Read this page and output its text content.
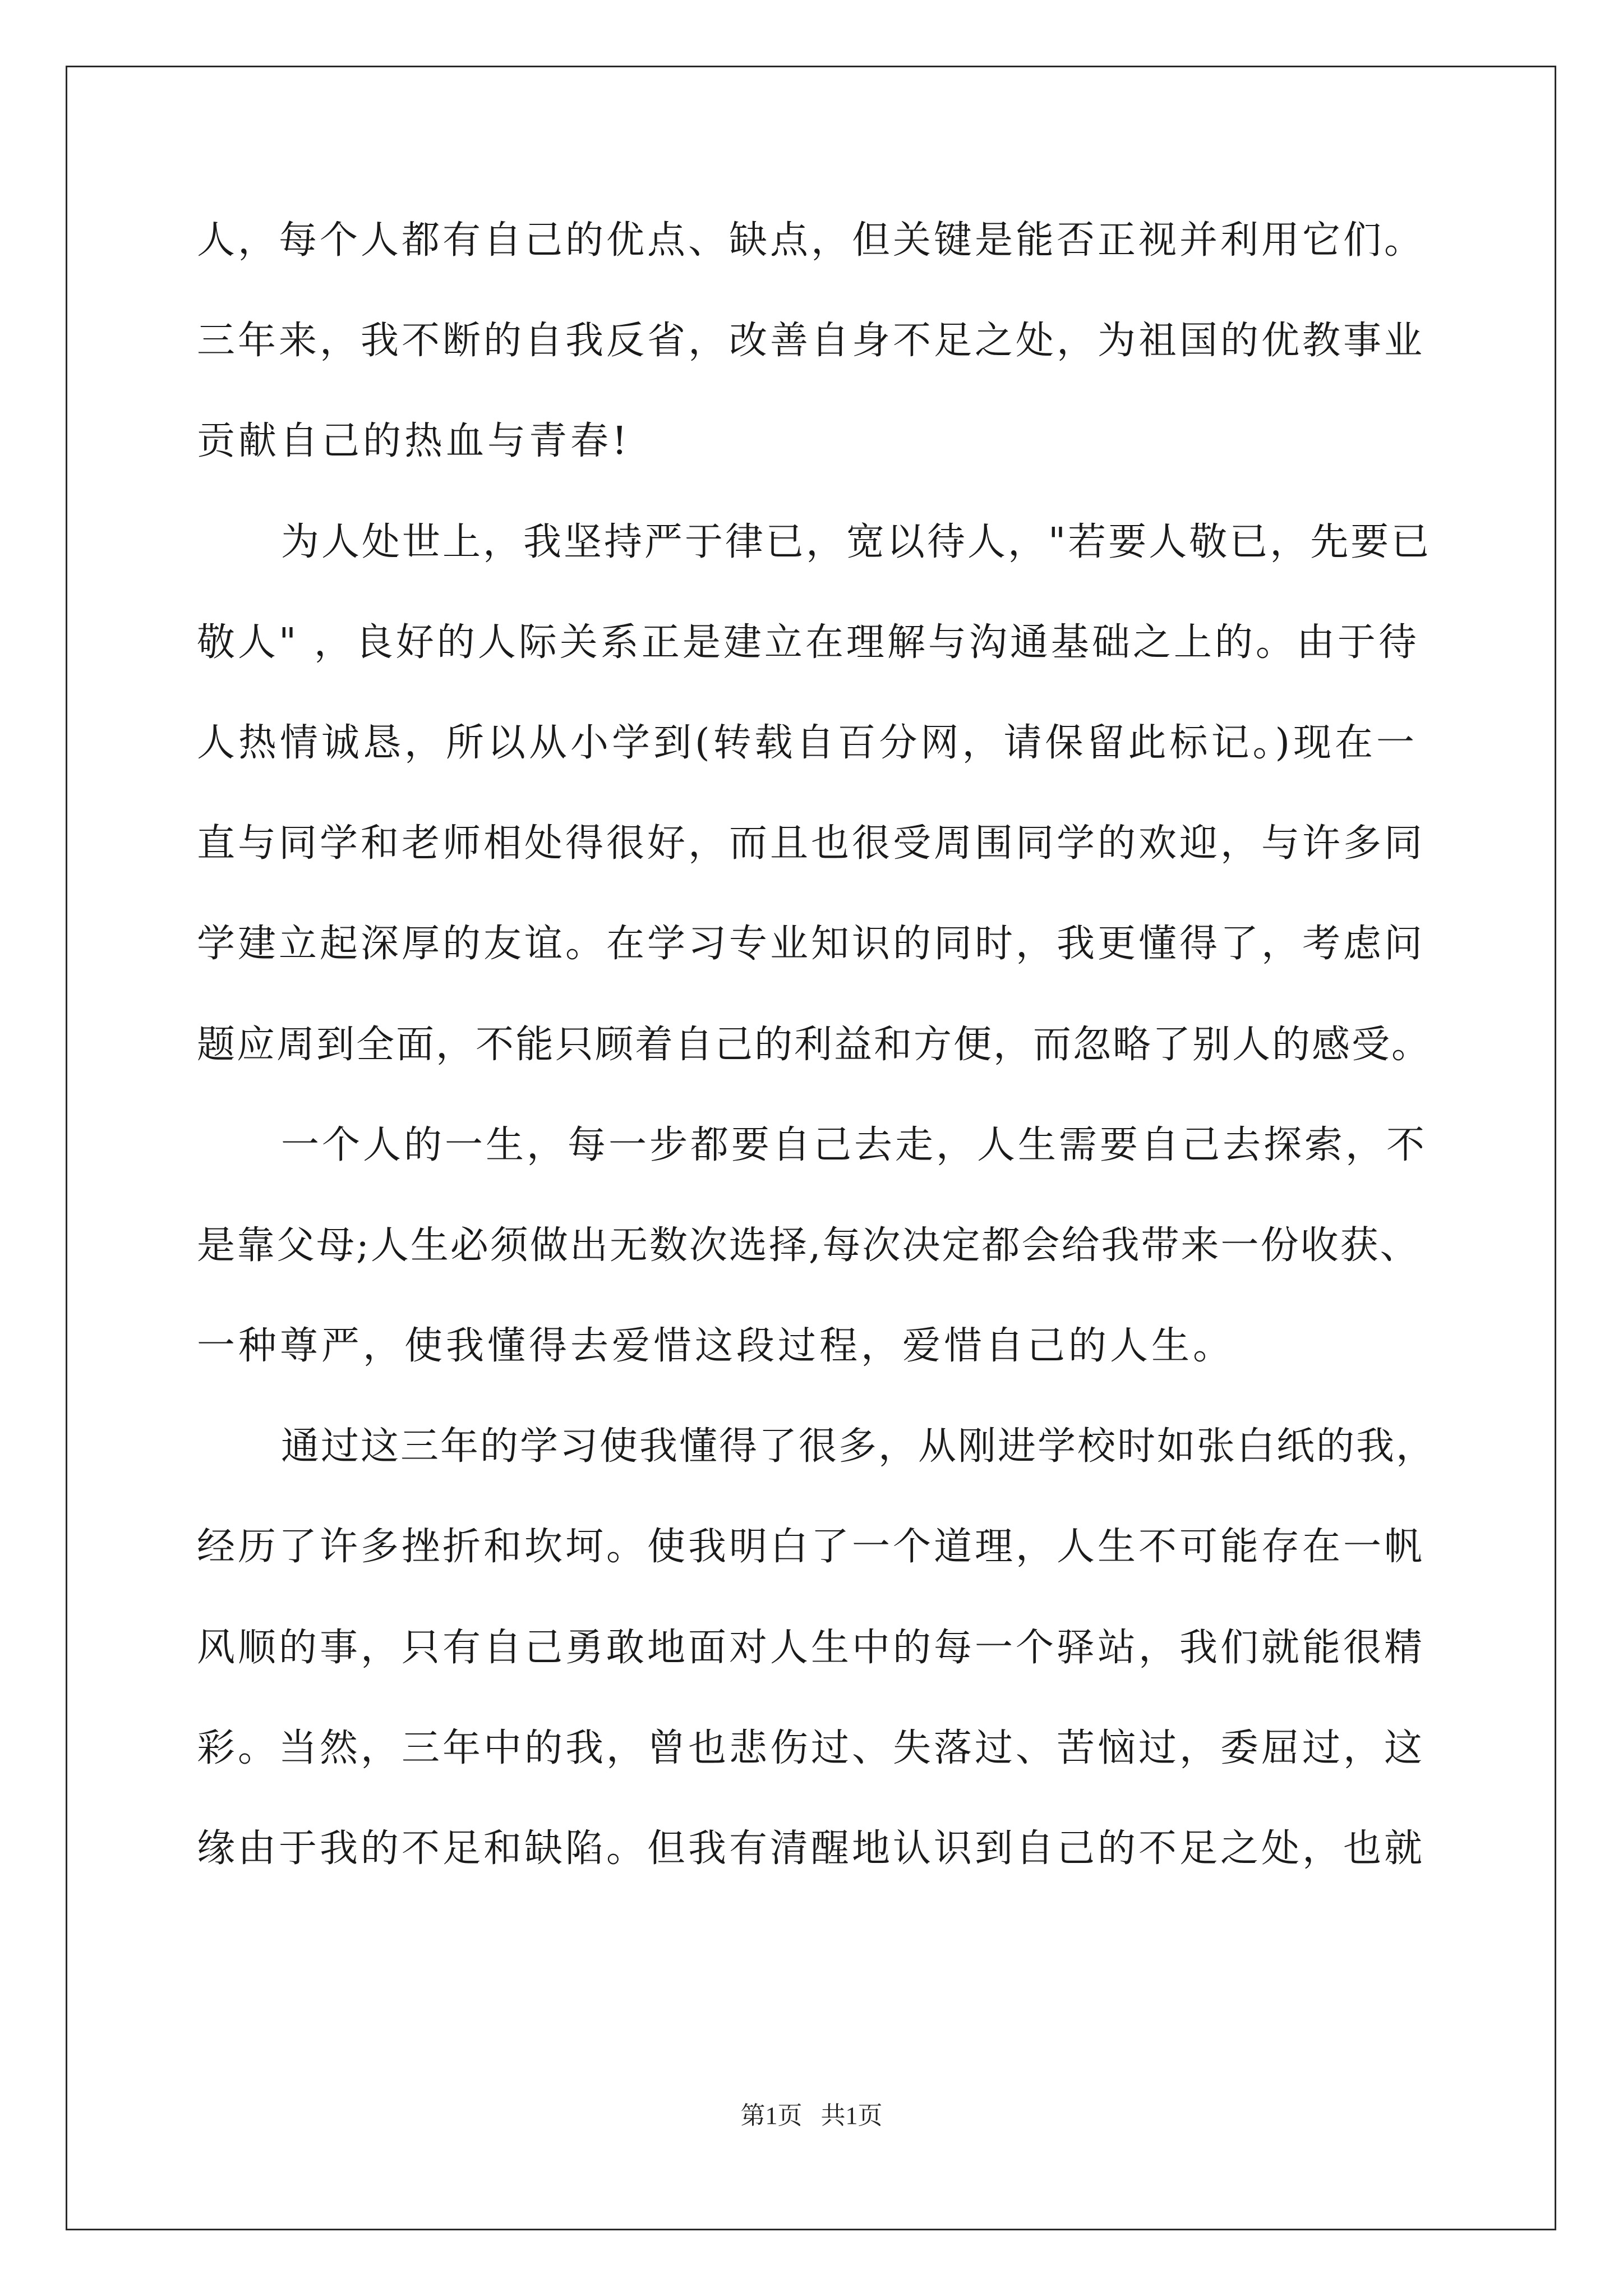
人，每个人都有自己的优点、缺点，但关键是能否正视并利用它们。
三年来，我不断的自我反省，改善自身不足之处，为祖国的优教事业
贡献自己的热血与青春!
为人处世上，我坚持严于律已，宽以待人，"若要人敬已，先要已
敬人" ，良好的人际关系正是建立在理解与沟通基础之上的。由于待
人热情诚恳，所以从小学到(转载自百分网，请保留此标记。)现在一
直与同学和老师相处得很好，而且也很受周围同学的欢迎，与许多同
学建立起深厚的友谊。在学习专业知识的同时，我更懂得了，考虑问
题应周到全面，不能只顾着自己的利益和方便，而忽略了别人的感受。
一个人的一生，每一步都要自己去走，人生需要自己去探索，不
是靠父母;人生必须做出无数次选择,每次决定都会给我带来一份收获、
一种尊严，使我懂得去爱惜这段过程，爱惜自己的人生。
通过这三年的学习使我懂得了很多，从刚进学校时如张白纸的我，
经历了许多挫折和坎坷。使我明白了一个道理，人生不可能存在一帆
风顺的事，只有自己勇敢地面对人生中的每一个驿站，我们就能很精
彩。当然，三年中的我，曾也悲伤过、失落过、苦恼过，委屈过，这
缘由于我的不足和缺陷。但我有清醒地认识到自己的不足之处，也就
第1页   共1页
